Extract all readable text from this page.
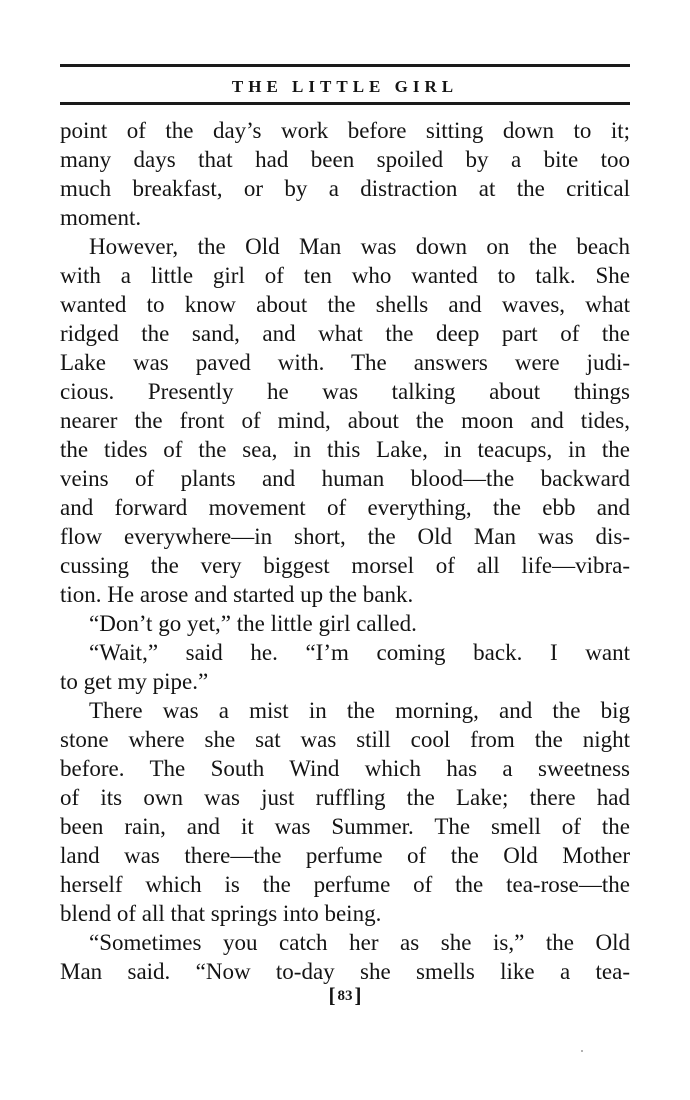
THE LITTLE GIRL
point of the day’s work before sitting down to it;
many days that had been spoiled by a bite too
much breakfast, or by a distraction at the critical
moment.
However, the Old Man was down on the beach
with a little girl of ten who wanted to talk. She
wanted to know about the shells and waves, what
ridged the sand, and what the deep part of the
Lake was paved with. The answers were judi-
cious. Presently he was talking about things
nearer the front of mind, about the moon and tides,
the tides of the sea, in this Lake, in teacups, in the
veins of plants and human blood—the backward
and forward movement of everything, the ebb and
flow everywhere—in short, the Old Man was dis-
cussing the very biggest morsel of all life—vibra-
tion. He arose and started up the bank.
“Don’t go yet,” the little girl called.
“Wait,” said he. “I’m coming back. I want
to get my pipe.”
There was a mist in the morning, and the big
stone where she sat was still cool from the night
before. The South Wind which has a sweetness
of its own was just ruffling the Lake; there had
been rain, and it was Summer. The smell of the
land was there—the perfume of the Old Mother
herself which is the perfume of the tea-rose—the
blend of all that springs into being.
“Sometimes you catch her as she is,” the Old
Man said. “Now to-day she smells like a tea-
[ 83]
